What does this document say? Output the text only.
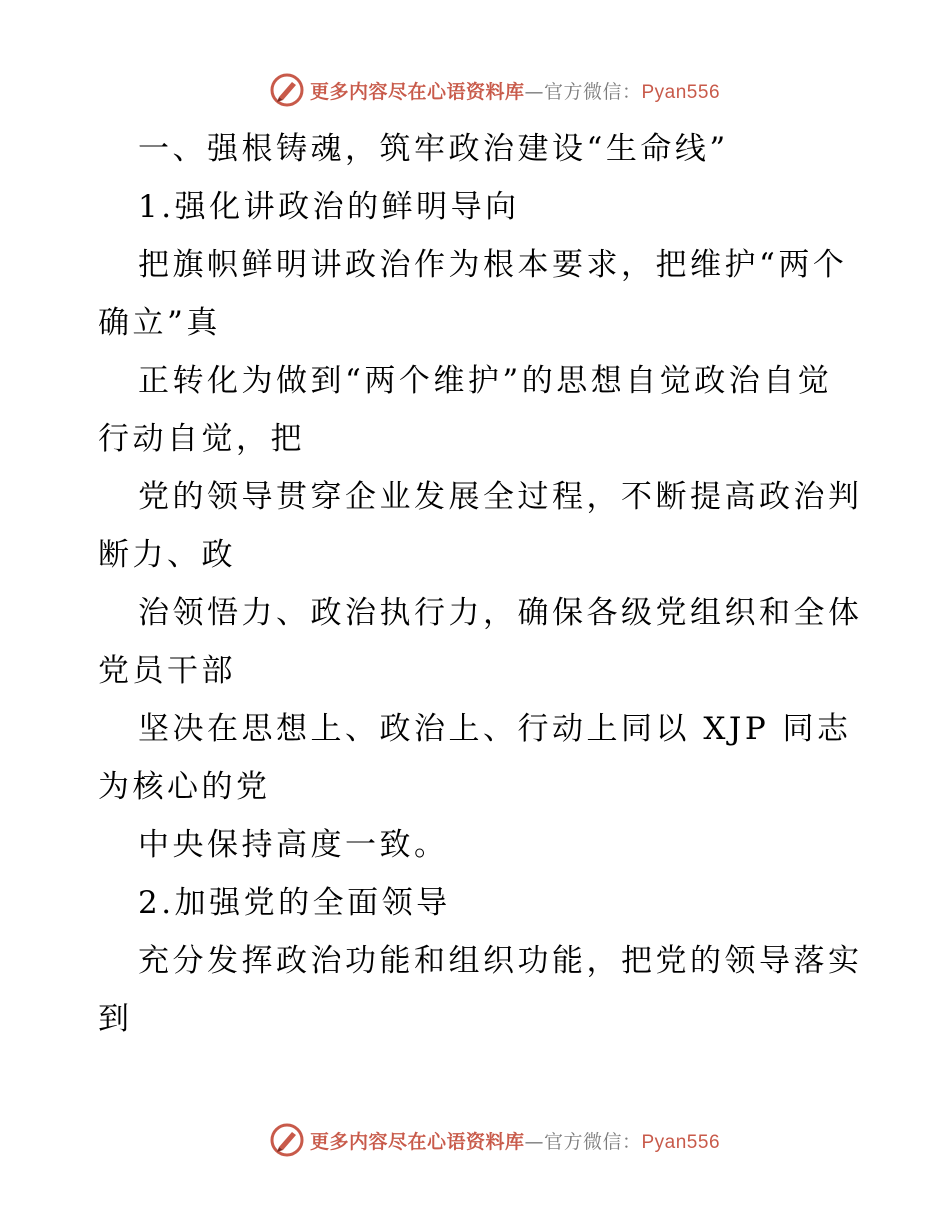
更多内容尽在心语资料库—官方微信：Pyan556
一、强根铸魂，筑牢政治建设“生命线”
1.强化讲政治的鲜明导向
把旗帜鲜明讲政治作为根本要求，把维护“两个
确立”真
正转化为做到“两个维护”的思想自觉政治自觉
行动自觉，把
党的领导贯穿企业发展全过程，不断提高政治判
断力、政
治领悟力、政治执行力，确保各级党组织和全体
党员干部
坚决在思想上、政治上、行动上同以 XJP 同志
为核心的党
中央保持高度一致。
2.加强党的全面领导
充分发挥政治功能和组织功能，把党的领导落实
到
更多内容尽在心语资料库—官方微信：Pyan556
